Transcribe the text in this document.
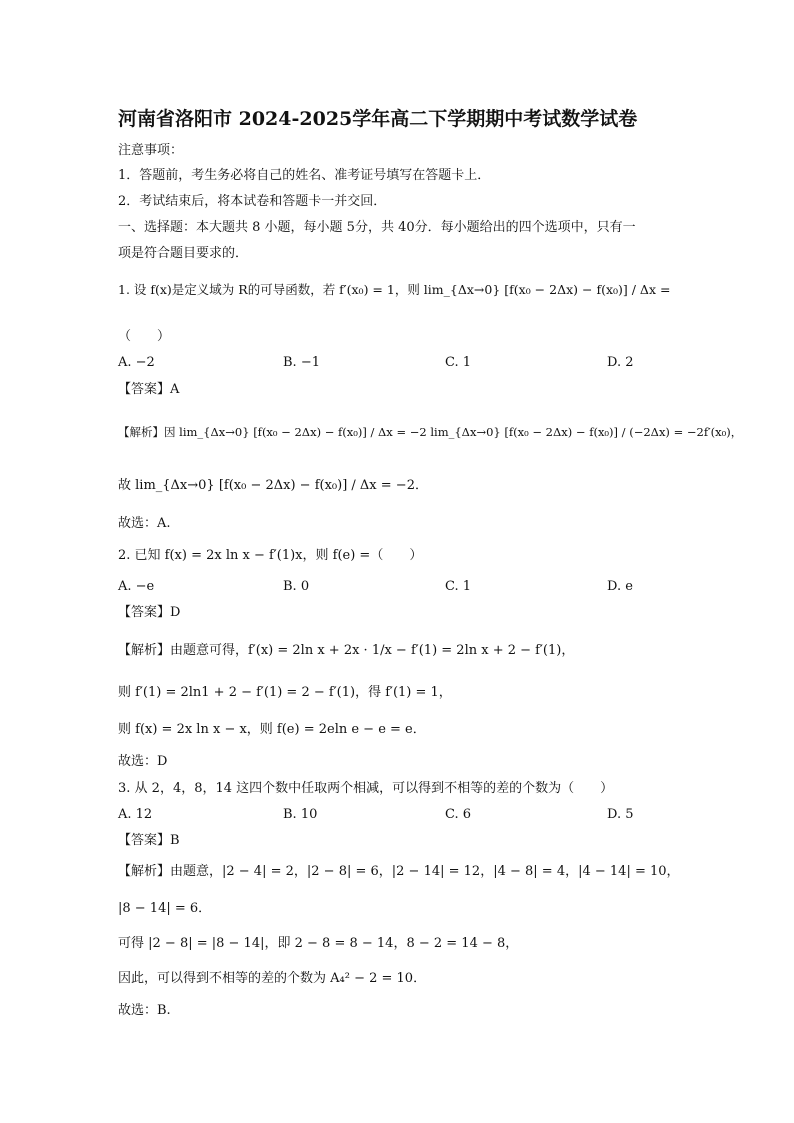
河南省洛阳市 2024-2025学年高二下学期期中考试数学试卷
注意事项：
1．答题前，考生务必将自己的姓名、准考证号填写在答题卡上．
2．考试结束后，将本试卷和答题卡一并交回．
一、选择题：本大题共 8 小题，每小题 5分，共 40分．每小题给出的四个选项中，只有一
项是符合题目要求的．
1. 设 f(x)是定义域为 R的可导函数，若 f′(x₀) = 1，则 lim_{Δx→0} [f(x₀ − 2Δx) − f(x₀)] / Δx =
（　　）
A. −2	B. −1	C. 1	D. 2
【答案】A
【解析】因 lim_{Δx→0} [f(x₀ − 2Δx) − f(x₀)] / Δx = −2 lim_{Δx→0} [f(x₀ − 2Δx) − f(x₀)] / (−2Δx) = −2f′(x₀)，
故 lim_{Δx→0} [f(x₀ − 2Δx) − f(x₀)] / Δx = −2．
故选：A.
2. 已知 f(x) = 2x ln x − f′(1)x，则 f(e) =（　　）
A. −e	B. 0	C. 1	D. e
【答案】D
【解析】由题意可得，f′(x) = 2ln x + 2x · 1/x − f′(1) = 2ln x + 2 − f′(1)，
则 f′(1) = 2ln1 + 2 − f′(1) = 2 − f′(1)，得 f′(1) = 1，
则 f(x) = 2x ln x − x，则 f(e) = 2eln e − e = e．
故选：D
3. 从 2，4，8，14 这四个数中任取两个相减，可以得到不相等的差的个数为（　　）
A. 12	B. 10	C. 6	D. 5
【答案】B
【解析】由题意，|2 − 4| = 2，|2 − 8| = 6，|2 − 14| = 12，|4 − 8| = 4，|4 − 14| = 10，
|8 − 14| = 6．
可得 |2 − 8| = |8 − 14|，即 2 − 8 = 8 − 14，8 − 2 = 14 − 8，
因此，可以得到不相等的差的个数为 A₄² − 2 = 10．
故选：B.
